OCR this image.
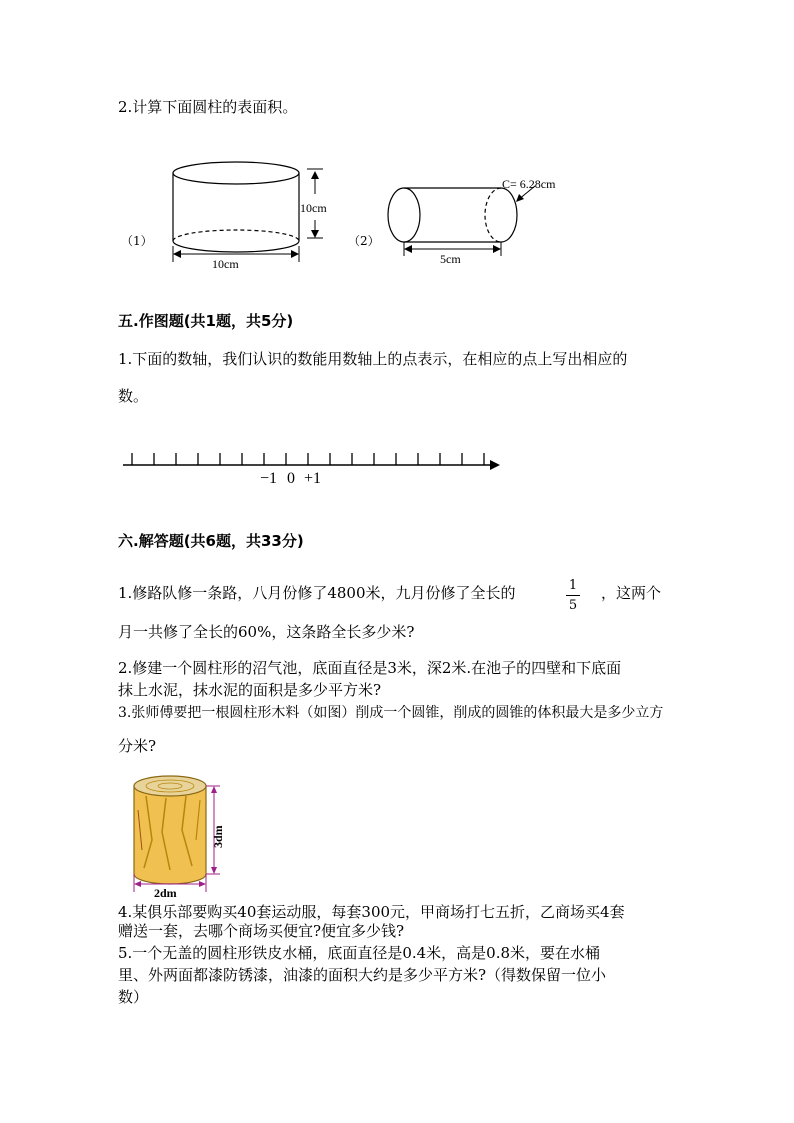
2.计算下面圆柱的表面积。
（1）
10cm
10cm
（2）
C= 6.28cm
5cm
五.作图题(共1题，共5分)
1.下面的数轴，我们认识的数能用数轴上的点表示，在相应的点上写出相应的
数。
−1 0 +1
六.解答题(共6题，共33分)
1.修路队修一条路，八月份修了4800米，九月份修了全长的	1
5
，这两个
月一共修了全长的60%，这条路全长多少米?
2.修建一个圆柱形的沼气池，底面直径是3米，深2米.在池子的四壁和下底面
抹上水泥，抹水泥的面积是多少平方米?
3.张师傅要把一根圆柱形木料（如图）削成一个圆锥，削成的圆锥的体积最大是多少立方
分米?
3dm
2dm
4.某俱乐部要购买40套运动服，每套300元，甲商场打七五折，乙商场买4套
赠送一套，去哪个商场买便宜?便宜多少钱?
5.一个无盖的圆柱形铁皮水桶，底面直径是0.4米，高是0.8米，要在水桶
里、外两面都漆防锈漆，油漆的面积大约是多少平方米?（得数保留一位小
数）
